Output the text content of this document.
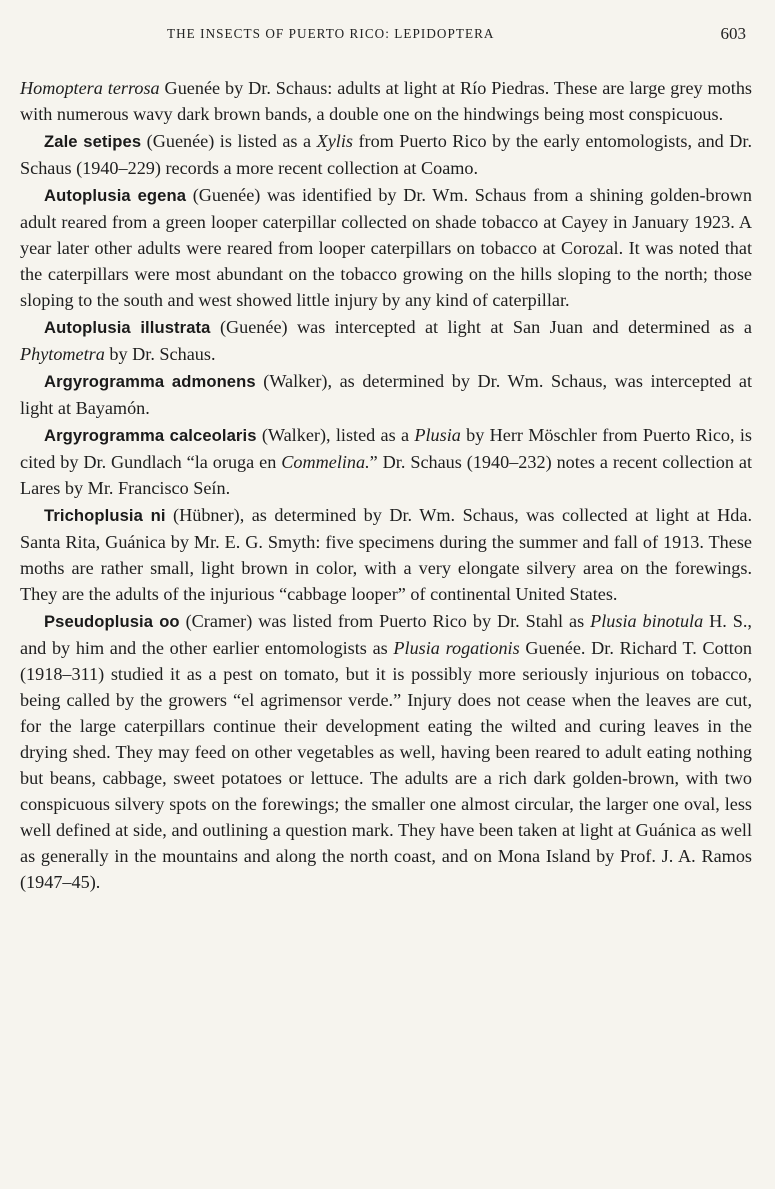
THE INSECTS OF PUERTO RICO: LEPIDOPTERA	603

Homoptera terrosa Guenée by Dr. Schaus: adults at light at Río Piedras. These are large grey moths with numerous wavy dark brown bands, a double one on the hindwings being most conspicuous.

Zale setipes (Guenée) is listed as a Xylis from Puerto Rico by the early entomologists, and Dr. Schaus (1940–229) records a more recent collection at Coamo.

Autoplusia egena (Guenée) was identified by Dr. Wm. Schaus from a shining golden-brown adult reared from a green looper caterpillar collected on shade tobacco at Cayey in January 1923. A year later other adults were reared from looper caterpillars on tobacco at Corozal. It was noted that the caterpillars were most abundant on the tobacco growing on the hills sloping to the north; those sloping to the south and west showed little injury by any kind of caterpillar.

Autoplusia illustrata (Guenée) was intercepted at light at San Juan and determined as a Phytometra by Dr. Schaus.

Argyrogramma admonens (Walker), as determined by Dr. Wm. Schaus, was intercepted at light at Bayamón.

Argyrogramma calceolaris (Walker), listed as a Plusia by Herr Möschler from Puerto Rico, is cited by Dr. Gundlach “la oruga en Commelina.” Dr. Schaus (1940–232) notes a recent collection at Lares by Mr. Francisco Seín.

Trichoplusia ni (Hübner), as determined by Dr. Wm. Schaus, was collected at light at Hda. Santa Rita, Guánica by Mr. E. G. Smyth: five specimens during the summer and fall of 1913. These moths are rather small, light brown in color, with a very elongate silvery area on the forewings. They are the adults of the injurious “cabbage looper” of continental United States.

Pseudoplusia oo (Cramer) was listed from Puerto Rico by Dr. Stahl as Plusia binotula H. S., and by him and the other earlier entomologists as Plusia rogationis Guenée. Dr. Richard T. Cotton (1918–311) studied it as a pest on tomato, but it is possibly more seriously injurious on tobacco, being called by the growers “el agrimensor verde.” Injury does not cease when the leaves are cut, for the large caterpillars continue their development eating the wilted and curing leaves in the drying shed. They may feed on other vegetables as well, having been reared to adult eating nothing but beans, cabbage, sweet potatoes or lettuce. The adults are a rich dark golden-brown, with two conspicuous silvery spots on the forewings; the smaller one almost circular, the larger one oval, less well defined at side, and outlining a question mark. They have been taken at light at Guánica as well as generally in the mountains and along the north coast, and on Mona Island by Prof. J. A. Ramos (1947–45).
